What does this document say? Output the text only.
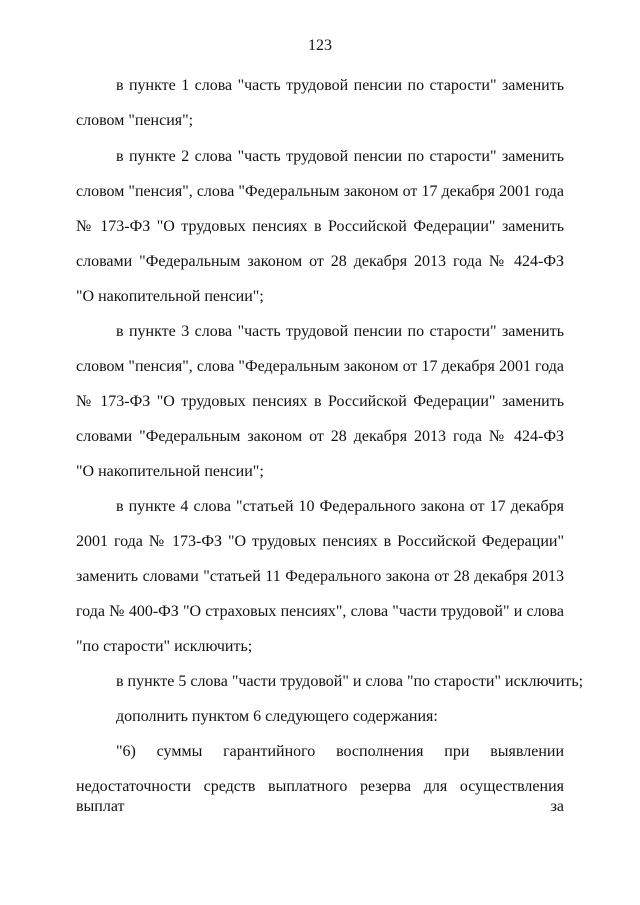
123
в пункте 1 слова "часть трудовой пенсии по старости" заменить
словом "пенсия";
в пункте 2 слова "часть трудовой пенсии по старости" заменить
словом "пенсия", слова "Федеральным законом от 17 декабря 2001 года
№ 173-ФЗ "О трудовых пенсиях в Российской Федерации" заменить
словами "Федеральным законом от 28 декабря 2013 года № 424-ФЗ
"О накопительной пенсии";
в пункте 3 слова "часть трудовой пенсии по старости" заменить
словом "пенсия", слова "Федеральным законом от 17 декабря 2001 года
№ 173-ФЗ "О трудовых пенсиях в Российской Федерации" заменить
словами "Федеральным законом от 28 декабря 2013 года № 424-ФЗ
"О накопительной пенсии";
в пункте 4 слова "статьей 10 Федерального закона от 17 декабря
2001 года № 173-ФЗ "О трудовых пенсиях в Российской Федерации"
заменить словами "статьей 11 Федерального закона от 28 декабря 2013
года № 400-ФЗ "О страховых пенсиях", слова "части трудовой" и слова
"по старости" исключить;
в пункте 5 слова "части трудовой" и слова "по старости" исключить;
дополнить пунктом 6 следующего содержания:
"6) суммы гарантийного восполнения при выявлении
недостаточности средств выплатного резерва для осуществления выплат за
